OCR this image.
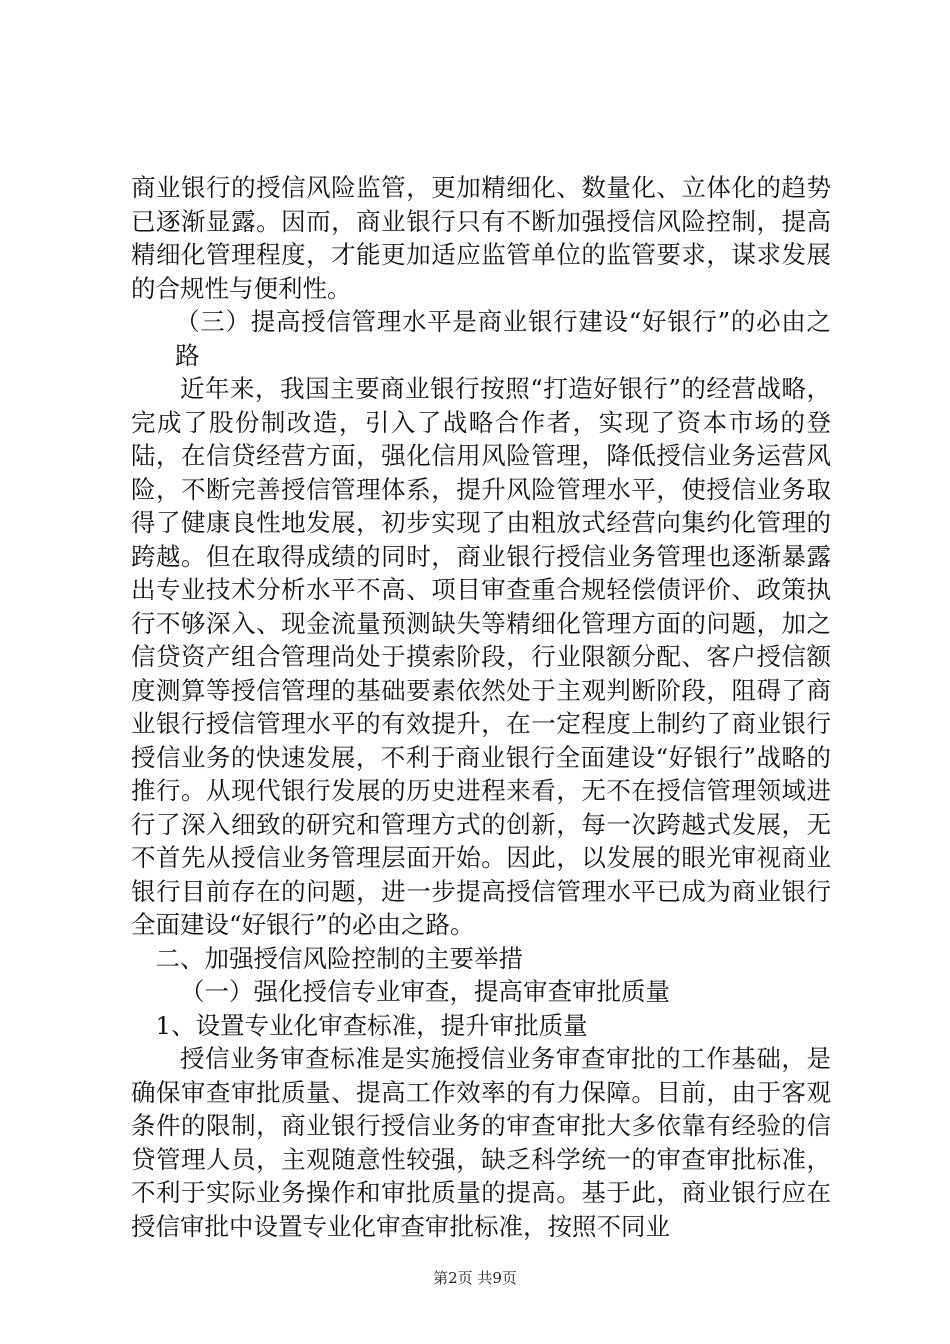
商业银行的授信风险监管，更加精细化、数量化、立体化的趋势已逐渐显露。因而，商业银行只有不断加强授信风险控制，提高精细化管理程度，才能更加适应监管单位的监管要求，谋求发展的合规性与便利性。

（三）提高授信管理水平是商业银行建设“好银行”的必由之路

近年来，我国主要商业银行按照“打造好银行”的经营战略，完成了股份制改造，引入了战略合作者，实现了资本市场的登陆，在信贷经营方面，强化信用风险管理，降低授信业务运营风险，不断完善授信管理体系，提升风险管理水平，使授信业务取得了健康良性地发展，初步实现了由粗放式经营向集约化管理的跨越。但在取得成绩的同时，商业银行授信业务管理也逐渐暴露出专业技术分析水平不高、项目审查重合规轻偿债评价、政策执行不够深入、现金流量预测缺失等精细化管理方面的问题，加之信贷资产组合管理尚处于摸索阶段，行业限额分配、客户授信额度测算等授信管理的基础要素依然处于主观判断阶段，阻碍了商业银行授信管理水平的有效提升，在一定程度上制约了商业银行授信业务的快速发展，不利于商业银行全面建设“好银行”战略的推行。从现代银行发展的历史进程来看，无不在授信管理领域进行了深入细致的研究和管理方式的创新，每一次跨越式发展，无不首先从授信业务管理层面开始。因此，以发展的眼光审视商业银行目前存在的问题，进一步提高授信管理水平已成为商业银行全面建设“好银行”的必由之路。

二、加强授信风险控制的主要举措

（一）强化授信专业审查，提高审查审批质量

1、设置专业化审查标准，提升审批质量

授信业务审查标准是实施授信业务审查审批的工作基础，是确保审查审批质量、提高工作效率的有力保障。目前，由于客观条件的限制，商业银行授信业务的审查审批大多依靠有经验的信贷管理人员，主观随意性较强，缺乏科学统一的审查审批标准，不利于实际业务操作和审批质量的提高。基于此，商业银行应在授信审批中设置专业化审查审批标准，按照不同业

第2页 共9页
